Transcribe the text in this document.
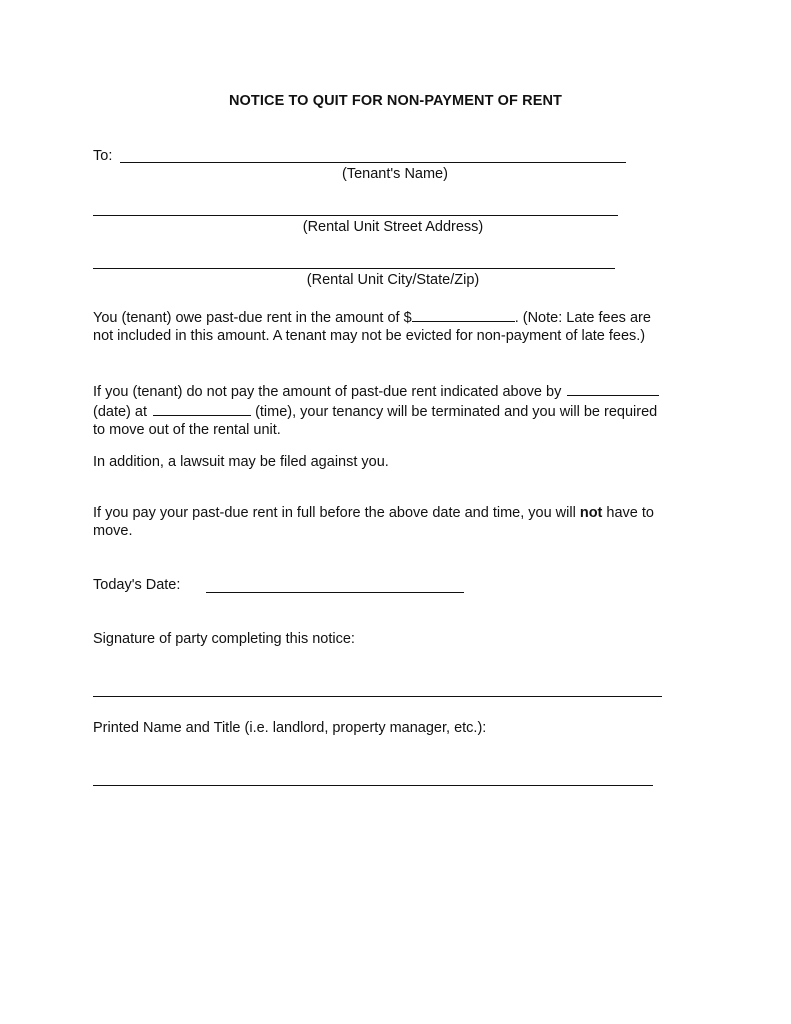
NOTICE TO QUIT FOR NON-PAYMENT OF RENT
To:
(Tenant's Name)
(Rental Unit Street Address)
(Rental Unit City/State/Zip)
You (tenant) owe past-due rent in the amount of $	. (Note: Late fees are
not included in this amount. A tenant may not be evicted for non-payment of late fees.)
If you (tenant) do not pay the amount of past-due rent indicated above by
(date) at	(time), your tenancy will be terminated and you will be required
to move out of the rental unit.
In addition, a lawsuit may be filed against you.
If you pay your past-due rent in full before the above date and time, you will not have to
move.
Today's Date:
Signature of party completing this notice:
Printed Name and Title (i.e. landlord, property manager, etc.):
